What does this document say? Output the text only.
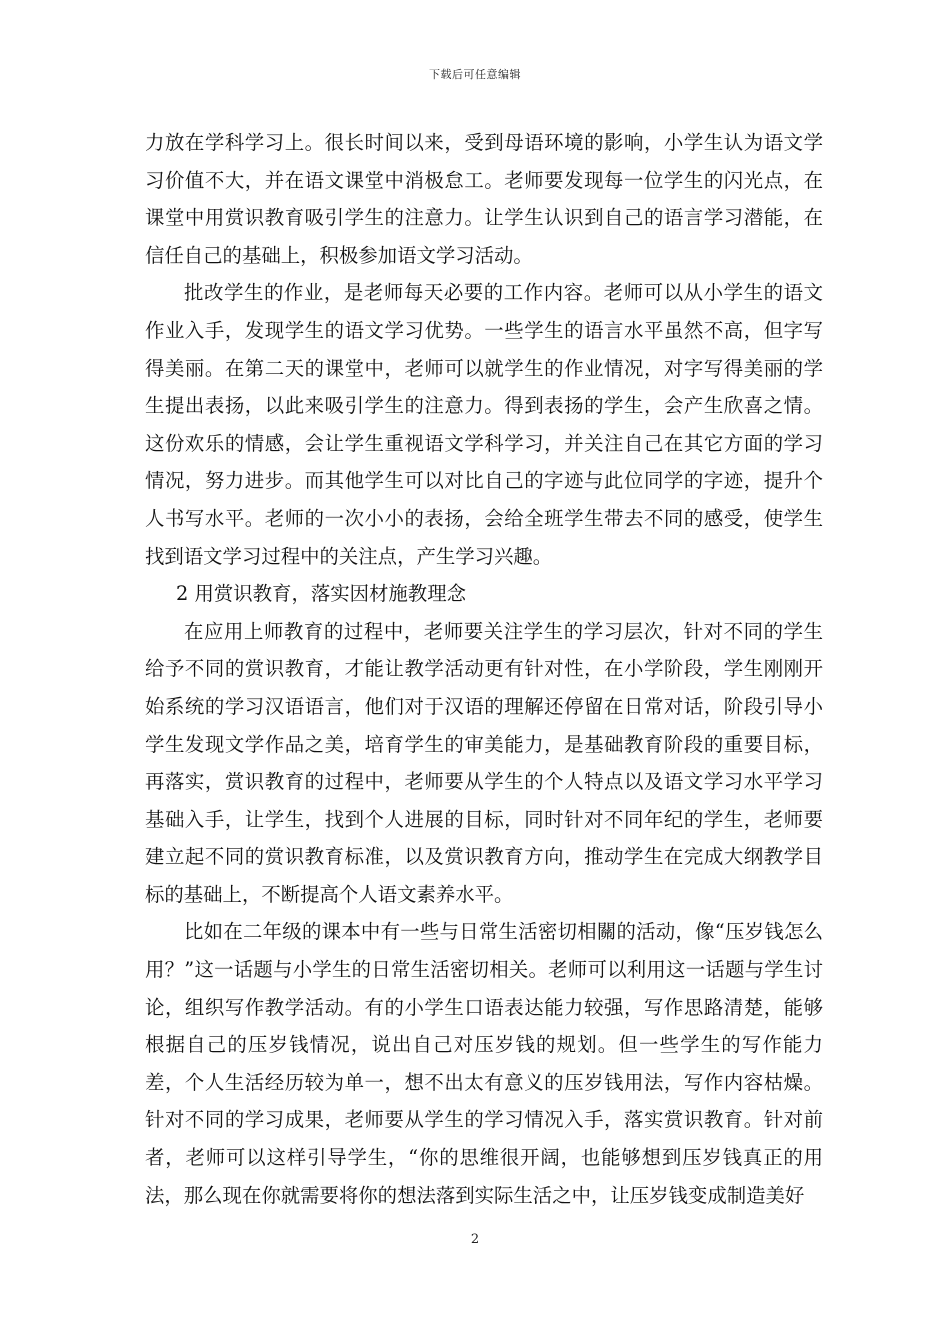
下载后可任意编辑

力放在学科学习上。很长时间以来，受到母语环境的影响，小学生认为语文学习价值不大，并在语文课堂中消极怠工。老师要发现每一位学生的闪光点，在课堂中用赏识教育吸引学生的注意力。让学生认识到自己的语言学习潜能，在信任自己的基础上，积极参加语文学习活动。

批改学生的作业，是老师每天必要的工作内容。老师可以从小学生的语文作业入手，发现学生的语文学习优势。一些学生的语言水平虽然不高，但字写得美丽。在第二天的课堂中，老师可以就学生的作业情况，对字写得美丽的学生提出表扬，以此来吸引学生的注意力。得到表扬的学生，会产生欣喜之情。这份欢乐的情感，会让学生重视语文学科学习，并关注自己在其它方面的学习情况，努力进步。而其他学生可以对比自己的字迹与此位同学的字迹，提升个人书写水平。老师的一次小小的表扬，会给全班学生带去不同的感受，使学生找到语文学习过程中的关注点，产生学习兴趣。

2 用赏识教育，落实因材施教理念

在应用上师教育的过程中，老师要关注学生的学习层次，针对不同的学生给予不同的赏识教育，才能让教学活动更有针对性，在小学阶段，学生刚刚开始系统的学习汉语语言，他们对于汉语的理解还停留在日常对话，阶段引导小学生发现文学作品之美，培育学生的审美能力，是基础教育阶段的重要目标，再落实，赏识教育的过程中，老师要从学生的个人特点以及语文学习水平学习基础入手，让学生，找到个人进展的目标，同时针对不同年纪的学生，老师要建立起不同的赏识教育标准，以及赏识教育方向，推动学生在完成大纲教学目标的基础上，不断提高个人语文素养水平。

比如在二年级的课本中有一些与日常生活密切相關的活动，像“压岁钱怎么用？”这一话题与小学生的日常生活密切相关。老师可以利用这一话题与学生讨论，组织写作教学活动。有的小学生口语表达能力较强，写作思路清楚，能够根据自己的压岁钱情况，说出自己对压岁钱的规划。但一些学生的写作能力差，个人生活经历较为单一，想不出太有意义的压岁钱用法，写作内容枯燥。针对不同的学习成果，老师要从学生的学习情况入手，落实赏识教育。针对前者，老师可以这样引导学生，“你的思维很开阔，也能够想到压岁钱真正的用法，那么现在你就需要将你的想法落到实际生活之中，让压岁钱变成制造美好

2
